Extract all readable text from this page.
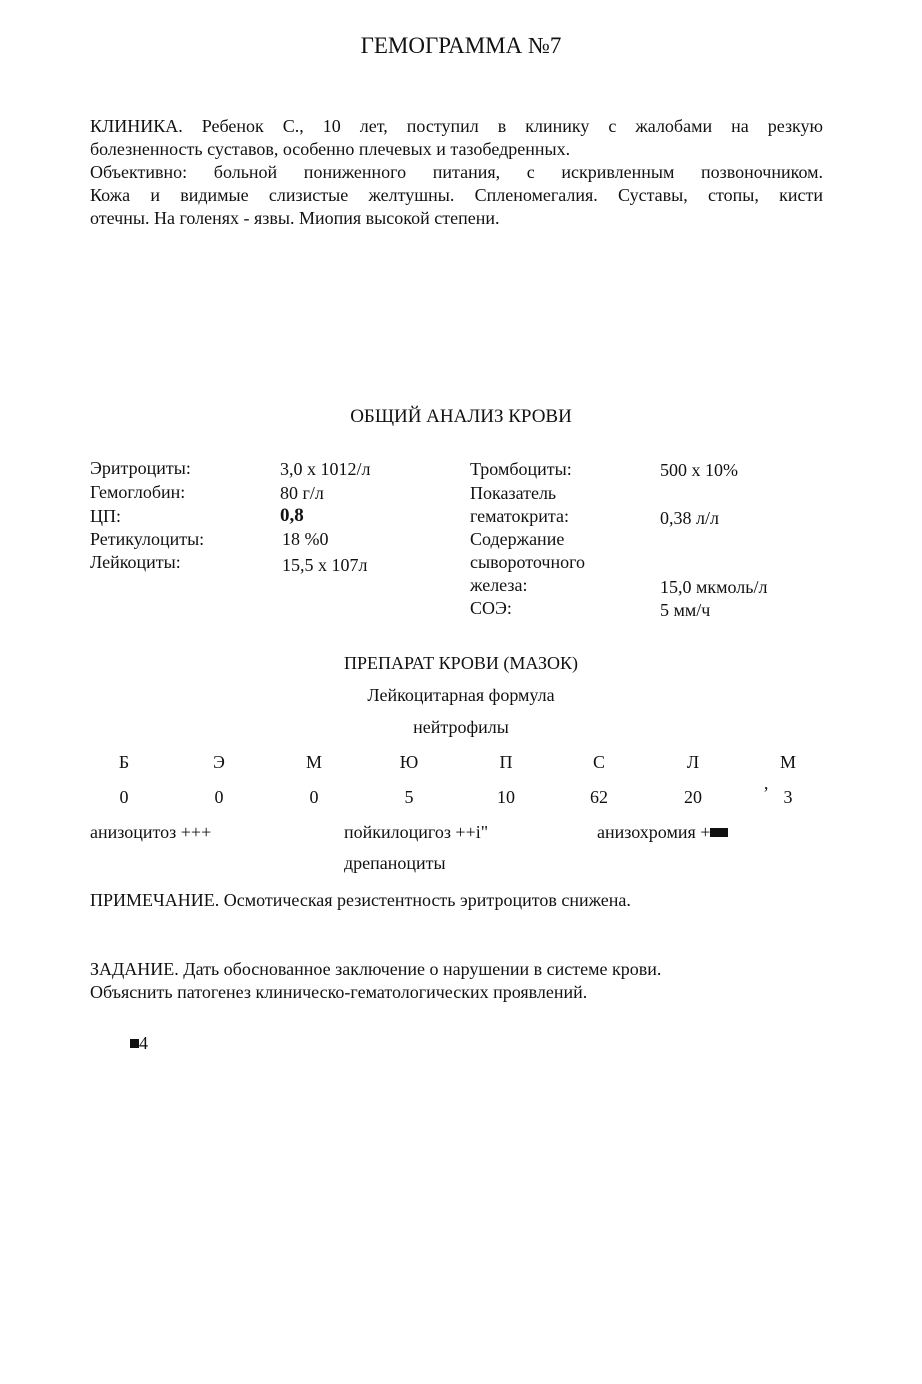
ГЕМОГРАММА №7
КЛИНИКА. Ребенок С., 10 лет, поступил в клинику с жалобами на резкую
болезненность суставов, особенно плечевых и тазобедренных.
Объективно: больной пониженного питания, с искривленным позвоночником.
Кожа и видимые слизистые желтушны. Спленомегалия. Суставы, стопы, кисти
отечны. На голенях - язвы. Миопия высокой степени.
ОБЩИЙ АНАЛИЗ КРОВИ
Эритроциты:	3,0 х 1012/л
Гемоглобин:	80 г/л
ЦП:	0,8
Ретикулоциты:	18 %0
Лейкоциты:	15,5 х 107л
Тромбоциты:	500 х 10%
Показатель
гематокрита:	0,38 л/л
Содержание
сывороточного
железа:	15,0 мкмоль/л
СОЭ:	5 мм/ч
ПРЕПАРАТ КРОВИ (МАЗОК)
Лейкоцитарная формула
нейтрофилы
Б	Э	М	Ю	П	С	Л	М
0	0	0	5	10	62	20	’ 3
анизоцитоз +++	пойкилоцигоз ++i"	анизохромия +
дрепаноциты
ПРИМЕЧАНИЕ. Осмотическая резистентность эритроцитов снижена.
ЗАДАНИЕ. Дать обоснованное заключение о нарушении в системе крови.
Объяснить патогенез клиническо-гематологических проявлений.
4
